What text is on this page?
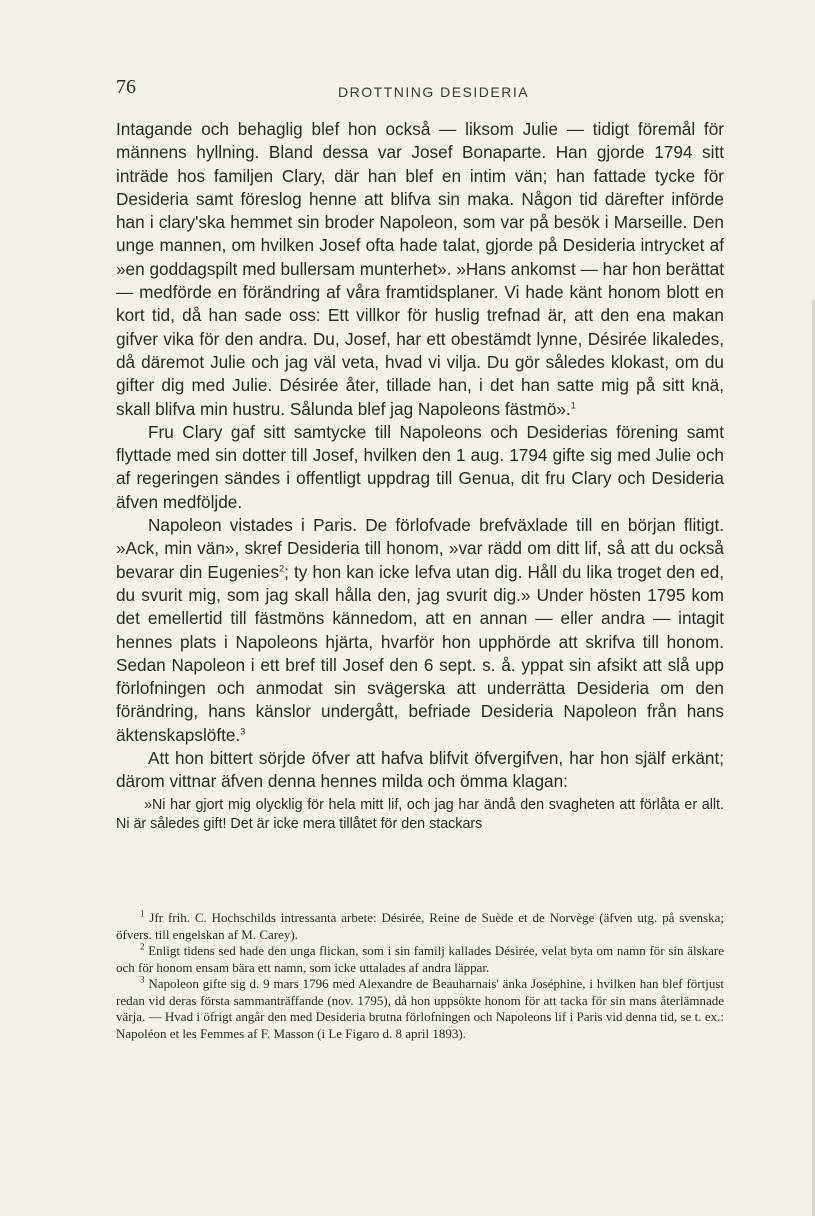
76	DROTTNING DESIDERIA

Intagande och behaglig blef hon också — liksom Julie — tidigt föremål för männens hyllning. Bland dessa var Josef Bonaparte. Han gjorde 1794 sitt inträde hos familjen Clary, där han blef en intim vän; han fattade tycke för Desideria samt föreslog henne att blifva sin maka. Någon tid därefter införde han i clary'ska hemmet sin broder Napoleon, som var på besök i Marseille. Den unge mannen, om hvilken Josef ofta hade talat, gjorde på Desideria intrycket af »en goddagspilt med bullersam munterhet». »Hans ankomst — har hon berättat — medförde en förändring af våra framtidsplaner. Vi hade känt honom blott en kort tid, då han sade oss: Ett villkor för huslig trefnad är, att den ena makan gifver vika för den andra. Du, Josef, har ett obestämdt lynne, Désirée likaledes, då däremot Julie och jag väl veta, hvad vi vilja. Du gör således klokast, om du gifter dig med Julie. Désirée åter, tillade han, i det han satte mig på sitt knä, skall blifva min hustru. Sålunda blef jag Napoleons fästmö».$^1$

Fru Clary gaf sitt samtycke till Napoleons och Desiderias förening samt flyttade med sin dotter till Josef, hvilken den 1 aug. 1794 gifte sig med Julie och af regeringen sändes i offentligt uppdrag till Genua, dit fru Clary och Desideria äfven medföljde.

Napoleon vistades i Paris. De förlofvade brefväxlade till en början flitigt. »Ack, min vän», skref Desideria till honom, »var rädd om ditt lif, så att du också bevarar din Eugenies$^2$; ty hon kan icke lefva utan dig. Håll du lika troget den ed, du svurit mig, som jag skall hålla den, jag svurit dig.» Under hösten 1795 kom det emellertid till fästmöns kännedom, att en annan — eller andra — intagit hennes plats i Napoleons hjärta, hvarför hon upphörde att skrifva till honom. Sedan Napoleon i ett bref till Josef den 6 sept. s. å. yppat sin afsikt att slå upp förlofningen och anmodat sin svägerska att underrätta Desideria om den förändring, hans känslor undergått, befriade Desideria Napoleon från hans äktenskapslöfte.$^3$

Att hon bittert sörjde öfver att hafva blifvit öfvergifven, har hon själf erkänt; därom vittnar äfven denna hennes milda och ömma klagan:

»Ni har gjort mig olycklig för hela mitt lif, och jag har ändå den svagheten att förlåta er allt. Ni är således gift! Det är icke mera tillåtet för den stackars

$^1$ Jfr frih. C. Hochschilds intressanta arbete: Désirée, Reine de Suède et de Norvège (äfven utg. på svenska; öfvers. till engelskan af M. Carey).

$^2$ Enligt tidens sed hade den unga flickan, som i sin familj kallades Désirée, velat byta om namn för sin älskare och för honom ensam bära ett namn, som icke uttalades af andra läppar.

$^3$ Napoleon gifte sig d. 9 mars 1796 med Alexandre de Beauharnais' änka Joséphine, i hvilken han blef förtjust redan vid deras första sammanträffande (nov. 1795), då hon uppsökte honom för att tacka för sin mans återlämnade värja. — Hvad i öfrigt angår den med Desideria brutna förlofningen och Napoleons lif i Paris vid denna tid, se t. ex.: Napoléon et les Femmes af F. Masson (i Le Figaro d. 8 april 1893).
